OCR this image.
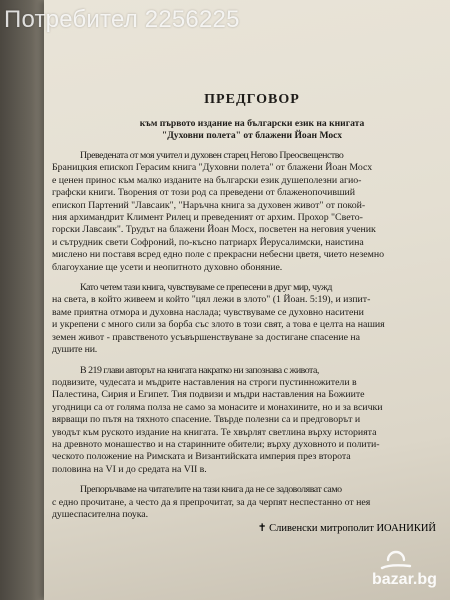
Потребител 2256225
ПРЕДГОВОР
към първото издание на български език на книгата
"Духовни полета" от блажени Йоан Мосх
Преведената от моя учител и духовен старец Негово Преосвещенство
Браницкия епископ Герасим книга "Духовни полета" от блажени Йоан Мосх
е ценен принос към малко изданите на български език душеполезни агио-
графски книги. Творения от този род са преведени от блаженопочивший
епископ Партений "Лавсаик", "Наръчна книга за духовен живот" от покой-
ния архимандрит Климент Рилец и преведеният от архим. Прохор "Свето-
горски Лавсаик". Трудът на блажени Йоан Мосх, посветен на неговия ученик
и сътрудник свети Софроний, по-късно патриарх Йерусалимски, наистина
мислено ни поставя всред едно поле с прекрасни небесни цветя, чието неземно
благоухание ще усети и неопитното духовно обоняние.
Като четем тази книга, чувствуваме се препесени в друг мир, чужд
на света, в който живеем и който "цял лежи в злото" (1 Йоан. 5:19), и изпит-
ваме приятна отмора и духовна наслада; чувствуваме се духовно наситени
и укрепени с много сили за борба със злото в този свят, а това е целта на нашия
земен живот - правственото усъвършенствуване за достигане спасение на
душите ни.
В 219 глави авторът на книгата накратко ни запознава с живота,
подвизите, чудесата и мъдрите наставления на строги пустинножители в
Палестина, Сирия и Египет. Тия подвизи и мъдри наставления на Божиите
угодници са от голяма полза не само за монасите и монахините, но и за всички
вярващи по пътя на тяхното спасение. Твърде полезни са и предговорът и
уводът към руското издание на книгата. Те хвърлят светлина върху историята
на древното монашество и на старинните обители; върху духовното и полити-
ческото положение на Римската и Византийската империя през второта
половина на VI и до средата на VII в.
Препоръчваме на читателите на тази книга да не се задоволяват само
с едно прочитане, а често да я препрочитат, за да черпят неспестанно от нея
душеспасителна поука.
✝ Сливенски митрополит ИОАНИКИЙ
bazar.bg
